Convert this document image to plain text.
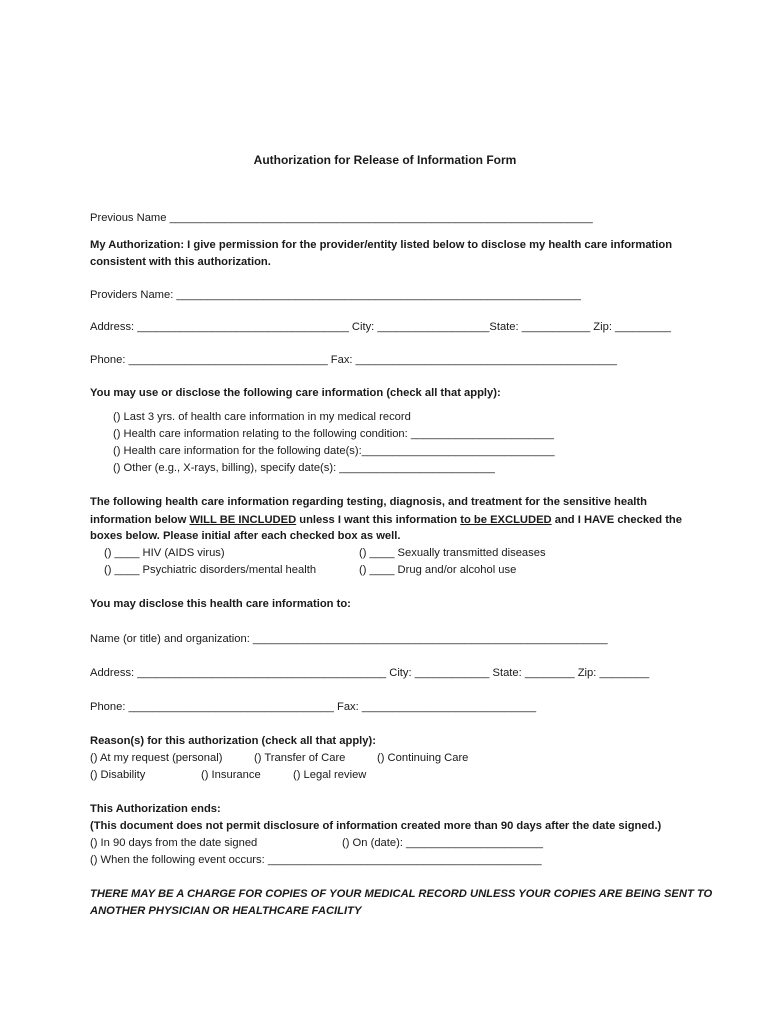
Authorization for Release of Information Form
Previous Name ____________________________________________________________________
My Authorization: I give permission for the provider/entity listed below to disclose my health care information
consistent with this authorization.
Providers Name: _________________________________________________________________
Address: __________________________________ City: __________________State: ___________ Zip: _________
Phone: ________________________________ Fax: __________________________________________
You may use or disclose the following care information (check all that apply):
() Last 3 yrs. of health care information in my medical record
() Health care information relating to the following condition: _______________________
() Health care information for the following date(s):_______________________________
() Other (e.g., X-rays, billing), specify date(s): _________________________
The following health care information regarding testing, diagnosis, and treatment for the sensitive health
information below WILL BE INCLUDED unless I want this information to be EXCLUDED and I HAVE checked the
boxes below. Please initial after each checked box as well.
() ____ HIV (AIDS virus)	() ____ Sexually transmitted diseases
() ____ Psychiatric disorders/mental health	() ____ Drug and/or alcohol use
You may disclose this health care information to:
Name (or title) and organization: _________________________________________________________
Address: ________________________________________ City: ____________ State: ________ Zip: ________
Phone: _________________________________ Fax: ____________________________
Reason(s) for this authorization (check all that apply):
() At my request (personal)	() Transfer of Care	() Continuing Care
() Disability	() Insurance	() Legal review
This Authorization ends:
(This document does not permit disclosure of information created more than 90 days after the date signed.)
() In 90 days from the date signed	() On (date): ______________________
() When the following event occurs: ____________________________________________
THERE MAY BE A CHARGE FOR COPIES OF YOUR MEDICAL RECORD UNLESS YOUR COPIES ARE BEING SENT TO
ANOTHER PHYSICIAN OR HEALTHCARE FACILITY
